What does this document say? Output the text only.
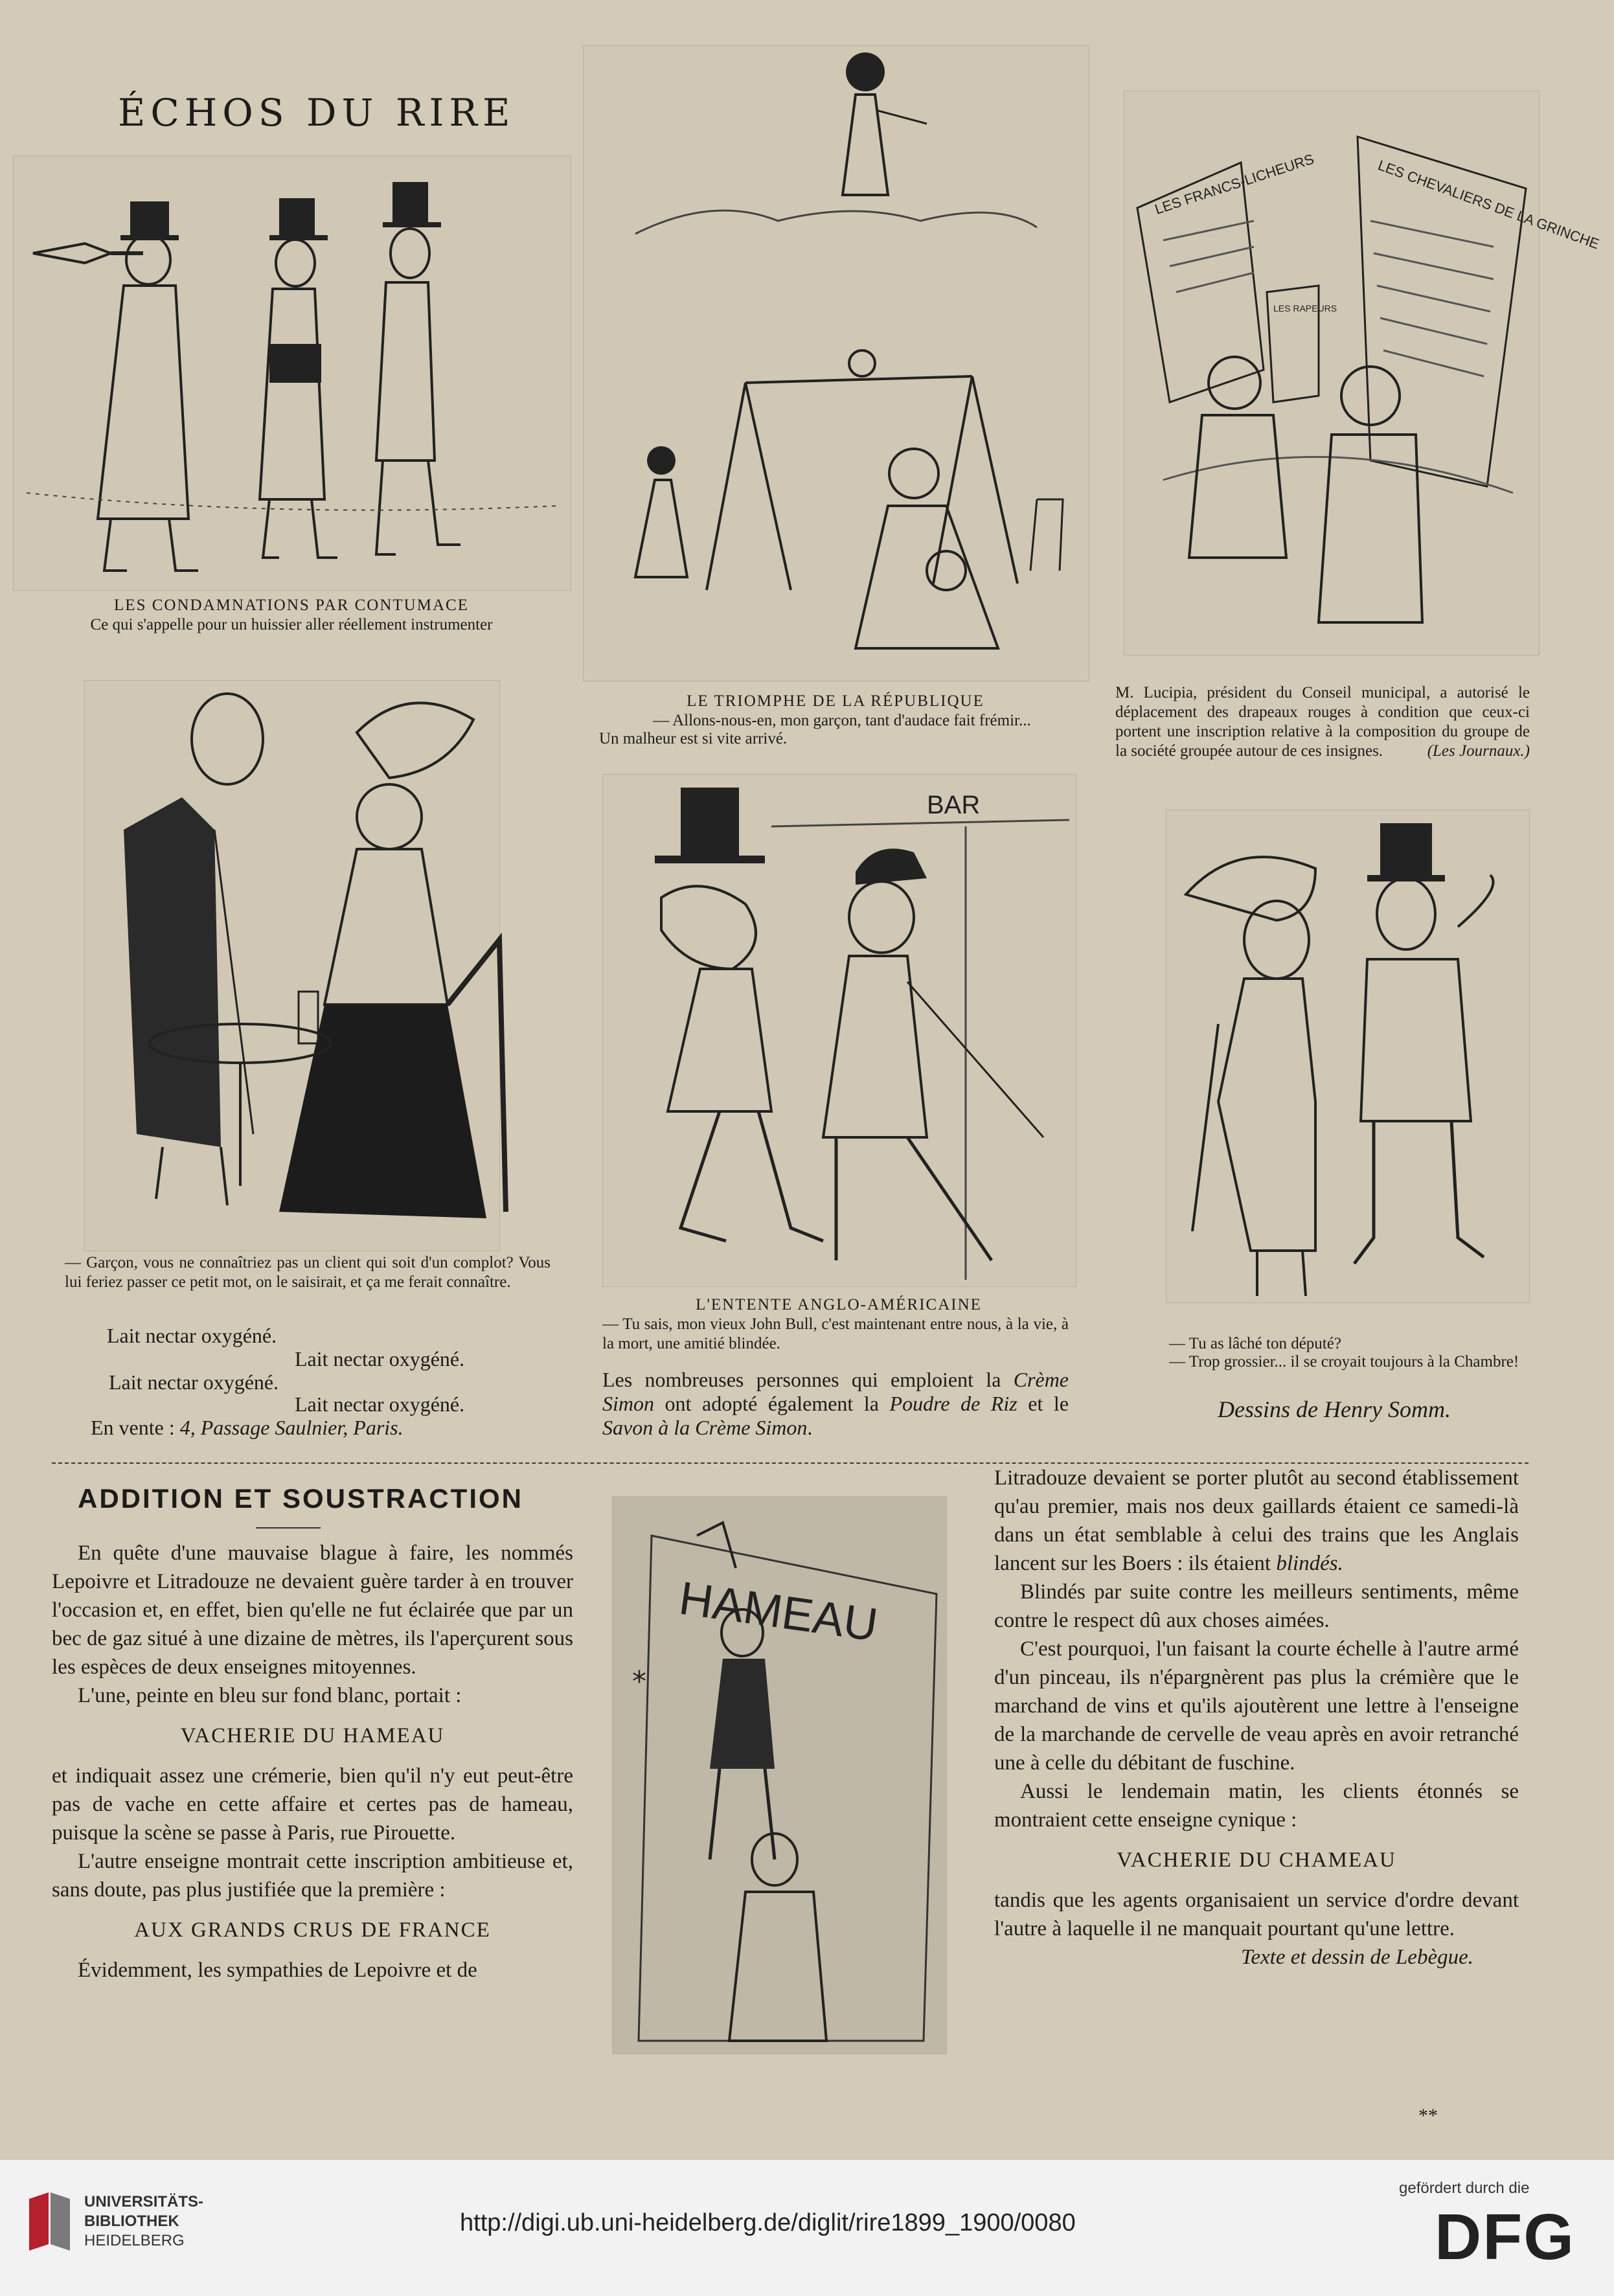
ÉCHOS DU RIRE
LES CONDAMNATIONS PAR CONTUMACE
Ce qui s'appelle pour un huissier aller réellement instrumenter
LE TRIOMPHE DE LA RÉPUBLIQUE
— Allons-nous-en, mon garçon, tant d'audace fait frémir...
Un malheur est si vite arrivé.
LES FRANCS-LICHEURS	LES CHEVALIERS DE LA GRINCHE
LES RAPEURS
M. Lucipia, président du Conseil municipal, a autorisé le déplacement des drapeaux rouges à condition que ceux-ci portent une inscription relative à la composition du groupe de la société groupée autour de ces insignes.	(Les Journaux.)
— Garçon, vous ne connaîtriez pas un client qui soit d'un complot? Vous lui feriez passer ce petit mot, on le saisirait, et ça me ferait connaître.
BAR
L'ENTENTE ANGLO-AMÉRICAINE
— Tu sais, mon vieux John Bull, c'est maintenant entre nous, à la vie, à la mort, une amitié blindée.	— Tu as lâché ton député?
— Trop grossier... il se croyait toujours à la Chambre!
Lait nectar oxygéné.
Lait nectar oxygéné.
Lait nectar oxygéné.
Lait nectar oxygéné.
En vente : 4, Passage Saulnier, Paris.
Les nombreuses personnes qui emploient la Crème Simon ont adopté également la Poudre de Riz et le Savon à la Crème Simon.
Dessins de Henry Somm.
ADDITION ET SOUSTRACTION

En quête d'une mauvaise blague à faire, les nommés Lepoivre et Litradouze ne devaient guère tarder à en trouver l'occasion et, en effet, bien qu'elle ne fut éclairée que par un bec de gaz situé à une dizaine de mètres, ils l'aperçurent sous les espèces de deux enseignes mitoyennes.

L'une, peinte en bleu sur fond blanc, portait :

VACHERIE DU HAMEAU

et indiquait assez une crémerie, bien qu'il n'y eut peut-être pas de vache en cette affaire et certes pas de hameau, puisque la scène se passe à Paris, rue Pirouette.

L'autre enseigne montrait cette inscription ambitieuse et, sans doute, pas plus justifiée que la première :

AUX GRANDS CRUS DE FRANCE

Évidemment, les sympathies de Lepoivre et de

HAMEAU
*

Litradouze devaient se porter plutôt au second établissement qu'au premier, mais nos deux gaillards étaient ce samedi-là dans un état semblable à celui des trains que les Anglais lancent sur les Boers : ils étaient blindés.

Blindés par suite contre les meilleurs sentiments, même contre le respect dû aux choses aimées.

C'est pourquoi, l'un faisant la courte échelle à l'autre armé d'un pinceau, ils n'épargnèrent pas plus la crémière que le marchand de vins et qu'ils ajoutèrent une lettre à l'enseigne de la marchande de cervelle de veau après en avoir retranché une à celle du débitant de fuschine.

Aussi le lendemain matin, les clients étonnés se montraient cette enseigne cynique :

VACHERIE DU CHAMEAU

tandis que les agents organisaient un service d'ordre devant l'autre à laquelle il ne manquait pourtant qu'une lettre.

Texte et dessin de Lebègue.

**
UNIVERSITÄTS-
BIBLIOTHEK
HEIDELBERG
http://digi.ub.uni-heidelberg.de/diglit/rire1899_1900/0080
gefördert durch die
DFG
